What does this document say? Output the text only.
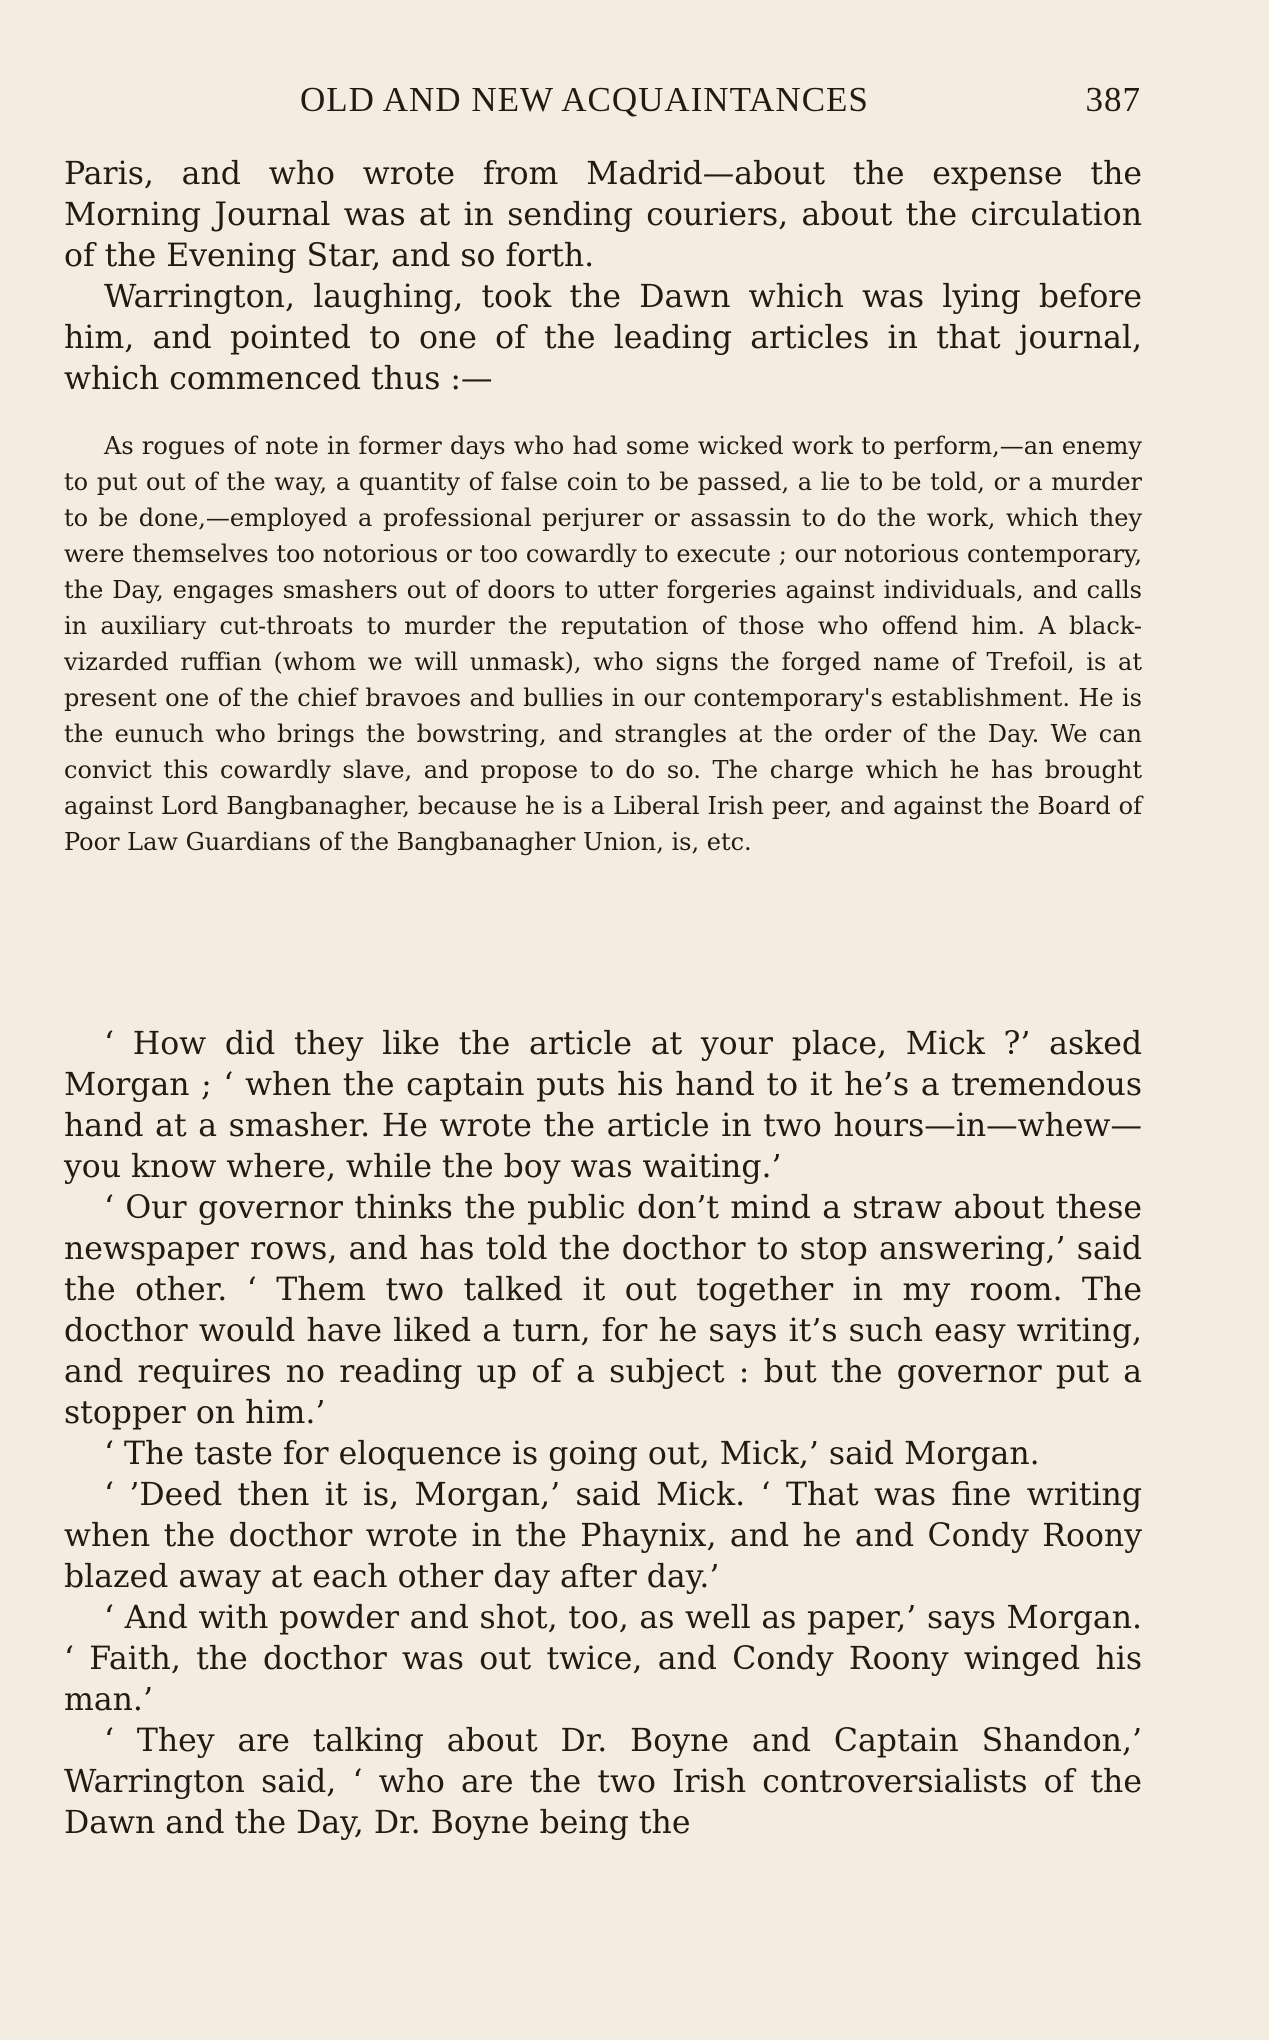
OLD AND NEW ACQUAINTANCES	387

Paris, and who wrote from Madrid—about the expense the Morning Journal was at in sending couriers, about the circulation of the Evening Star, and so forth.

Warrington, laughing, took the Dawn which was lying before him, and pointed to one of the leading articles in that journal, which commenced thus :—

As rogues of note in former days who had some wicked work to perform,—an enemy to put out of the way, a quantity of false coin to be passed, a lie to be told, or a murder to be done,—employed a professional perjurer or assassin to do the work, which they were themselves too notorious or too cowardly to execute ; our notorious contemporary, the Day, engages smashers out of doors to utter forgeries against individuals, and calls in auxiliary cut-throats to murder the reputation of those who offend him. A black-vizarded ruffian (whom we will unmask), who signs the forged name of Trefoil, is at present one of the chief bravoes and bullies in our contemporary's establishment. He is the eunuch who brings the bowstring, and strangles at the order of the Day. We can convict this cowardly slave, and propose to do so. The charge which he has brought against Lord Bangbanagher, because he is a Liberal Irish peer, and against the Board of Poor Law Guardians of the Bangbanagher Union, is, etc.

‘ How did they like the article at your place, Mick ?’ asked Morgan ; ‘ when the captain puts his hand to it he’s a tremendous hand at a smasher. He wrote the article in two hours—in—whew—you know where, while the boy was waiting.’

‘ Our governor thinks the public don’t mind a straw about these newspaper rows, and has told the docthor to stop answering,’ said the other. ‘ Them two talked it out together in my room. The docthor would have liked a turn, for he says it’s such easy writing, and requires no reading up of a subject : but the governor put a stopper on him.’

‘ The taste for eloquence is going out, Mick,’ said Morgan.

‘ ’Deed then it is, Morgan,’ said Mick. ‘ That was fine writing when the docthor wrote in the Phaynix, and he and Condy Roony blazed away at each other day after day.’

‘ And with powder and shot, too, as well as paper,’ says Morgan. ‘ Faith, the docthor was out twice, and Condy Roony winged his man.’

‘ They are talking about Dr. Boyne and Captain Shandon,’ Warrington said, ‘ who are the two Irish controversialists of the Dawn and the Day, Dr. Boyne being the
